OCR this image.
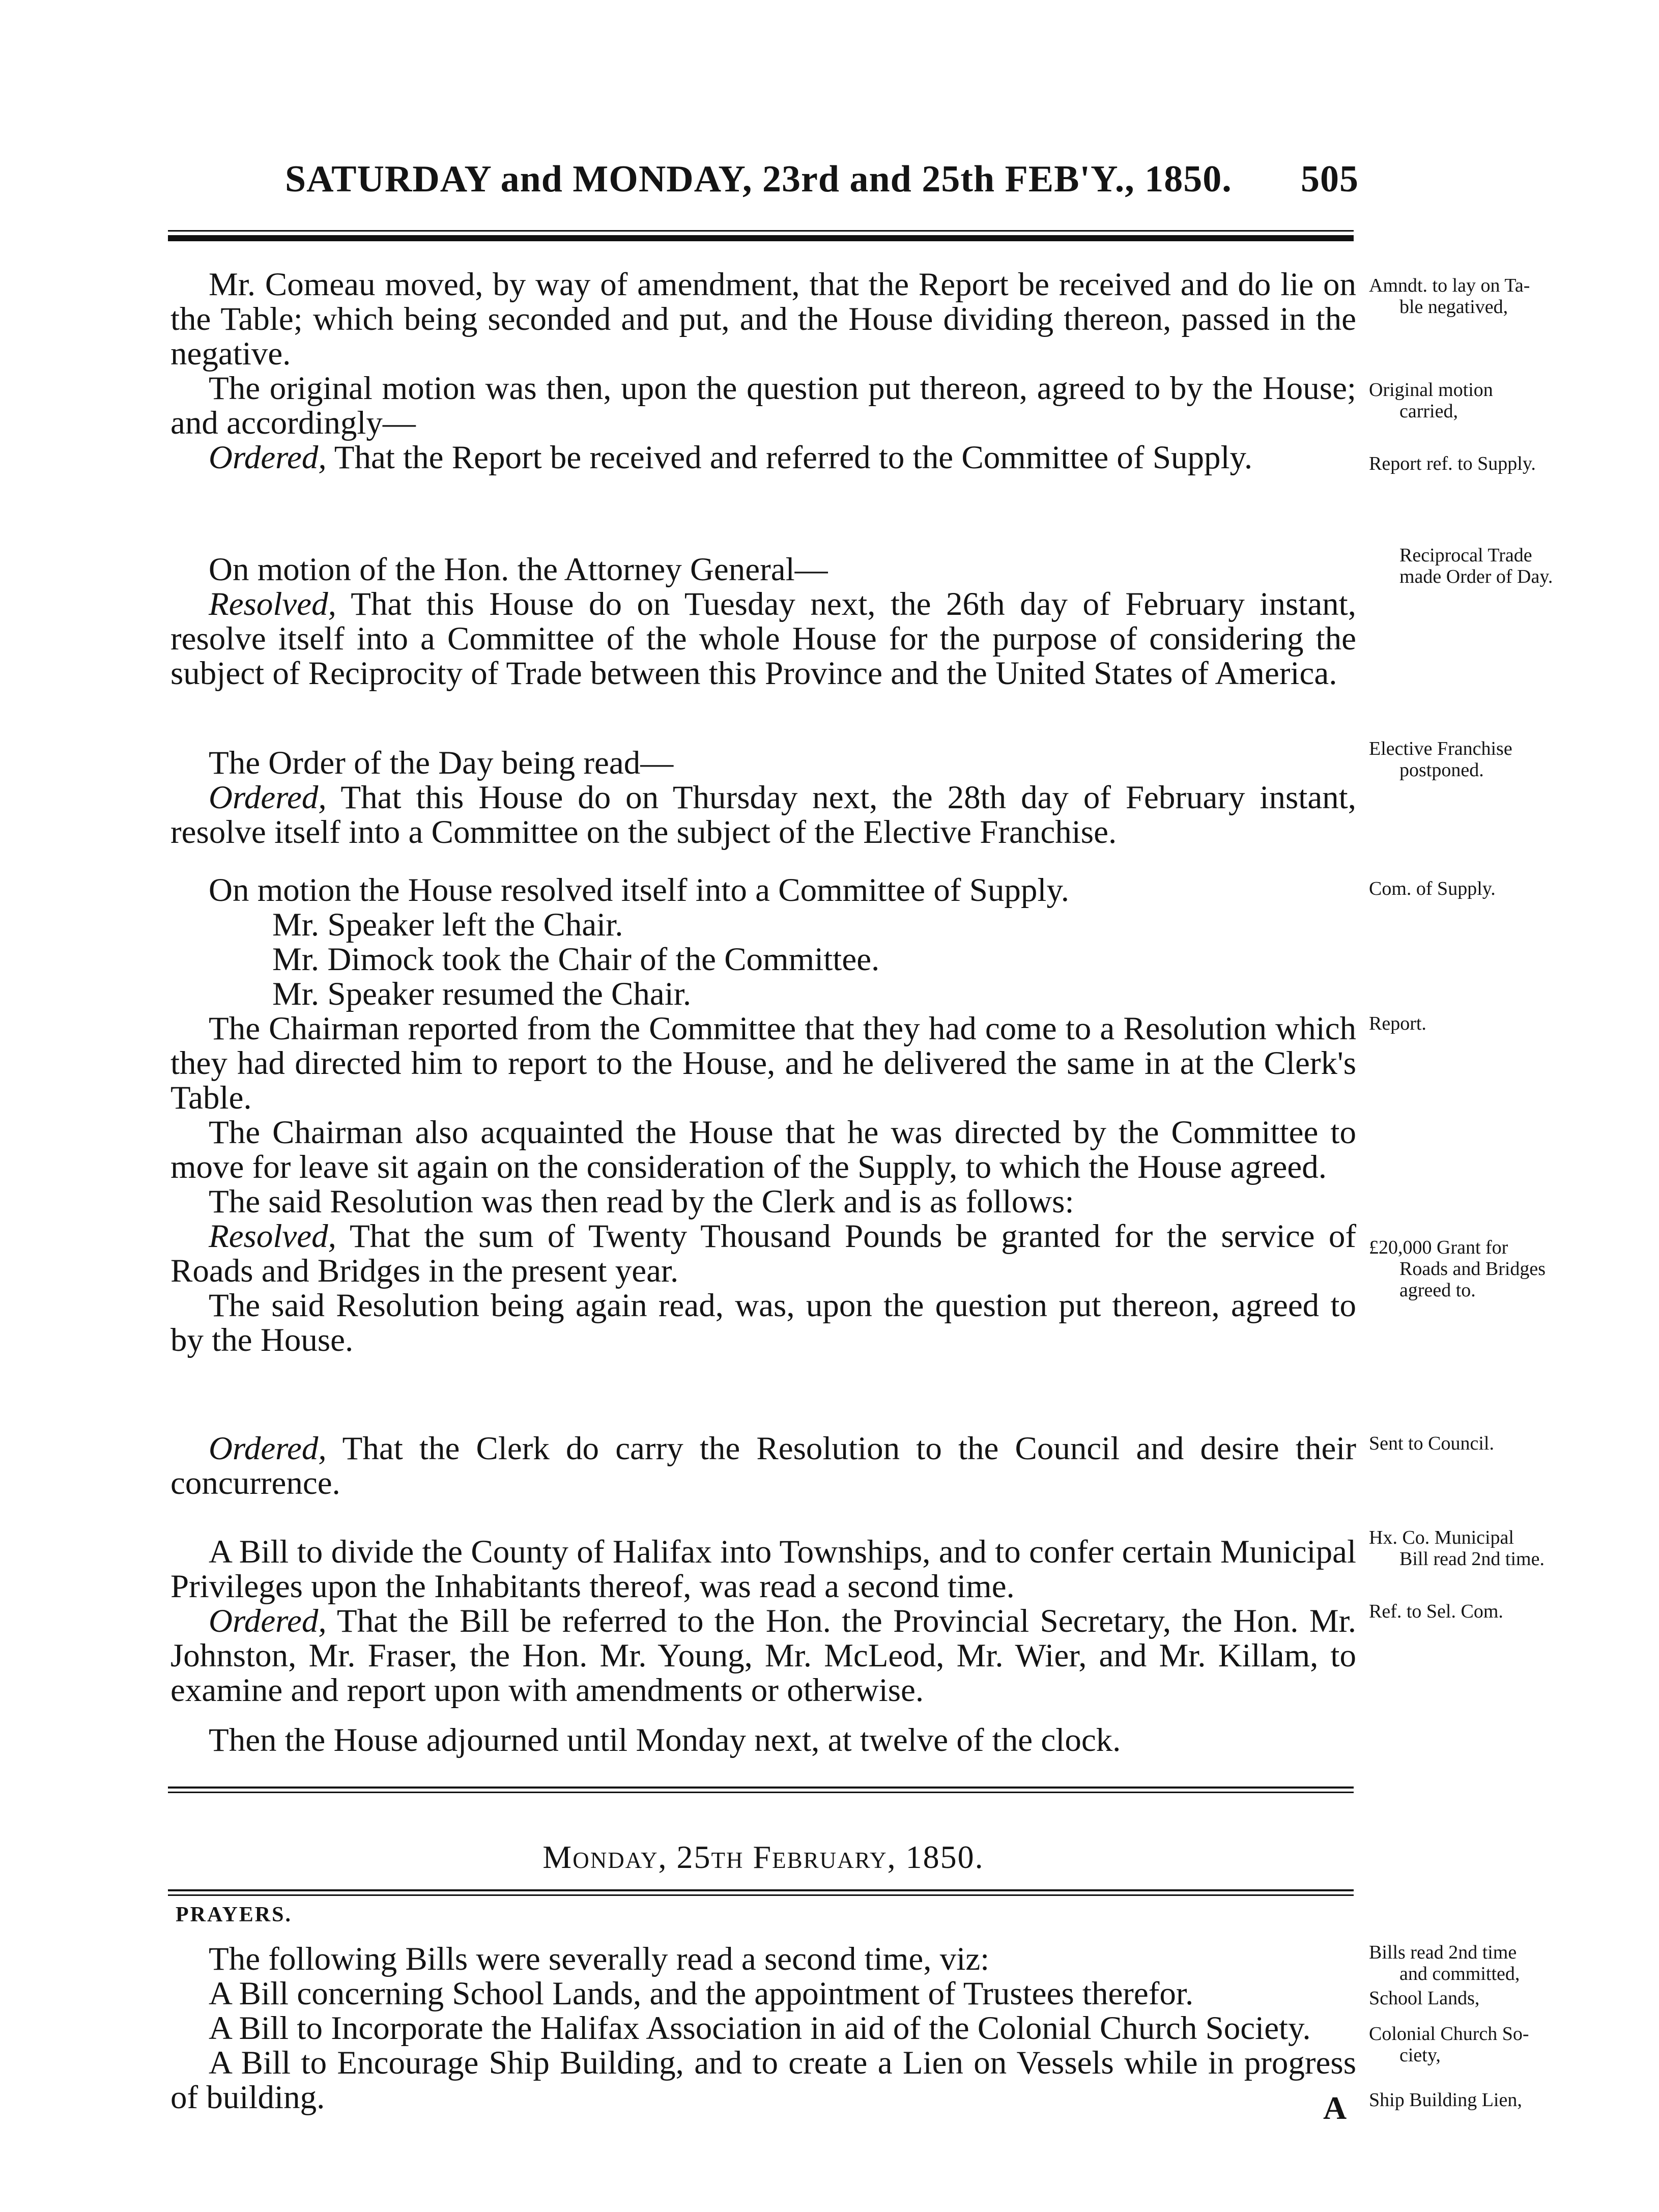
SATURDAY and MONDAY, 23rd and 25th FEB'Y., 1850. 505

Mr. Comeau moved, by way of amendment, that the Report be received and do lie on the Table; which being seconded and put, and the House dividing thereon, passed in the negative.

The original motion was then, upon the question put thereon, agreed to by the House; and accordingly—

Ordered, That the Report be received and referred to the Committee of Supply.

On motion of the Hon. the Attorney General—

Resolved, That this House do on Tuesday next, the 26th day of February instant, resolve itself into a Committee of the whole House for the purpose of considering the subject of Reciprocity of Trade between this Province and the United States of America.

The Order of the Day being read—

Ordered, That this House do on Thursday next, the 28th day of February instant, resolve itself into a Committee on the subject of the Elective Franchise.

On motion the House resolved itself into a Committee of Supply.

Mr. Speaker left the Chair.

Mr. Dimock took the Chair of the Committee.

Mr. Speaker resumed the Chair.

The Chairman reported from the Committee that they had come to a Resolution which they had directed him to report to the House, and he delivered the same in at the Clerk's Table.

The Chairman also acquainted the House that he was directed by the Committee to move for leave sit again on the consideration of the Supply, to which the House agreed.

The said Resolution was then read by the Clerk and is as follows:

Resolved, That the sum of Twenty Thousand Pounds be granted for the service of Roads and Bridges in the present year.

The said Resolution being again read, was, upon the question put thereon, agreed to by the House.

Ordered, That the Clerk do carry the Resolution to the Council and desire their concurrence.

A Bill to divide the County of Halifax into Townships, and to confer certain Municipal Privileges upon the Inhabitants thereof, was read a second time.

Ordered, That the Bill be referred to the Hon. the Provincial Secretary, the Hon. Mr. Johnston, Mr. Fraser, the Hon. Mr. Young, Mr. McLeod, Mr. Wier, and Mr. Killam, to examine and report upon with amendments or otherwise.

Then the House adjourned until Monday next, at twelve of the clock.

Monday, 25th February, 1850.
PRAYERS.

The following Bills were severally read a second time, viz:

A Bill concerning School Lands, and the appointment of Trustees therefor.

A Bill to Incorporate the Halifax Association in aid of the Colonial Church Society.

A Bill to Encourage Ship Building, and to create a Lien on Vessels while in progress of building.	A

Amndt. to lay on Ta-

ble negatived,

Original motion

carried,

Report ref. to Supply.

Reciprocal Trade

made Order of Day.

Elective Franchise

postponed.

Com. of Supply.

Report.

£20,000 Grant for

Roads and Bridges

agreed to.

Sent to Council.

Hx. Co. Municipal

Bill read 2nd time.

Ref. to Sel. Com.

Bills read 2nd time

and committed,

School Lands,

Colonial Church So-

ciety,

Ship Building Lien,
